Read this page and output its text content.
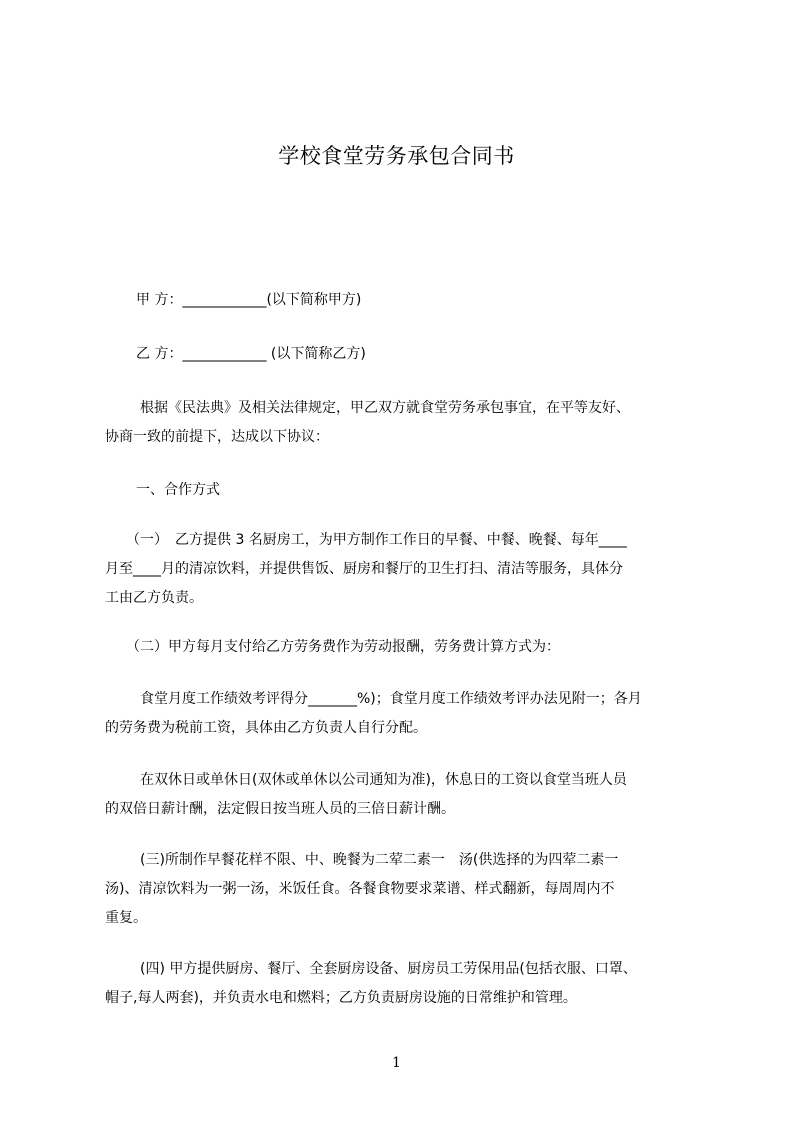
学校食堂劳务承包合同书
甲 方：____________(以下简称甲方)
乙 方：____________ (以下简称乙方)
　根据《民法典》及相关法律规定，甲乙双方就食堂劳务承包事宜，在平等友好、
协商一致的前提下，达成以下协议：
一、合作方式
　（一）　乙方提供 3 名厨房工，为甲方制作工作日的早餐、中餐、晚餐、每年____
月至____月的清凉饮料，并提供售饭、厨房和餐厅的卫生打扫、清洁等服务，具体分
工由乙方负责。
　（二）甲方每月支付给乙方劳务费作为劳动报酬，劳务费计算方式为：
　食堂月度工作绩效考评得分_______%)；食堂月度工作绩效考评办法见附一；各月
的劳务费为税前工资，具体由乙方负责人自行分配。
　在双休日或单休日(双休或单休以公司通知为准)，休息日的工资以食堂当班人员
的双倍日薪计酬，法定假日按当班人员的三倍日薪计酬。
　(三)所制作早餐花样不限、中、晚餐为二荤二素一　汤(供选择的为四荤二素一
汤)、清凉饮料为一粥一汤，米饭任食。各餐食物要求菜谱、样式翻新，每周周内不
重复。
　(四) 甲方提供厨房、餐厅、全套厨房设备、厨房员工劳保用品(包括衣服、口罩、
帽子,每人两套)，并负责水电和燃料；乙方负责厨房设施的日常维护和管理。
1
